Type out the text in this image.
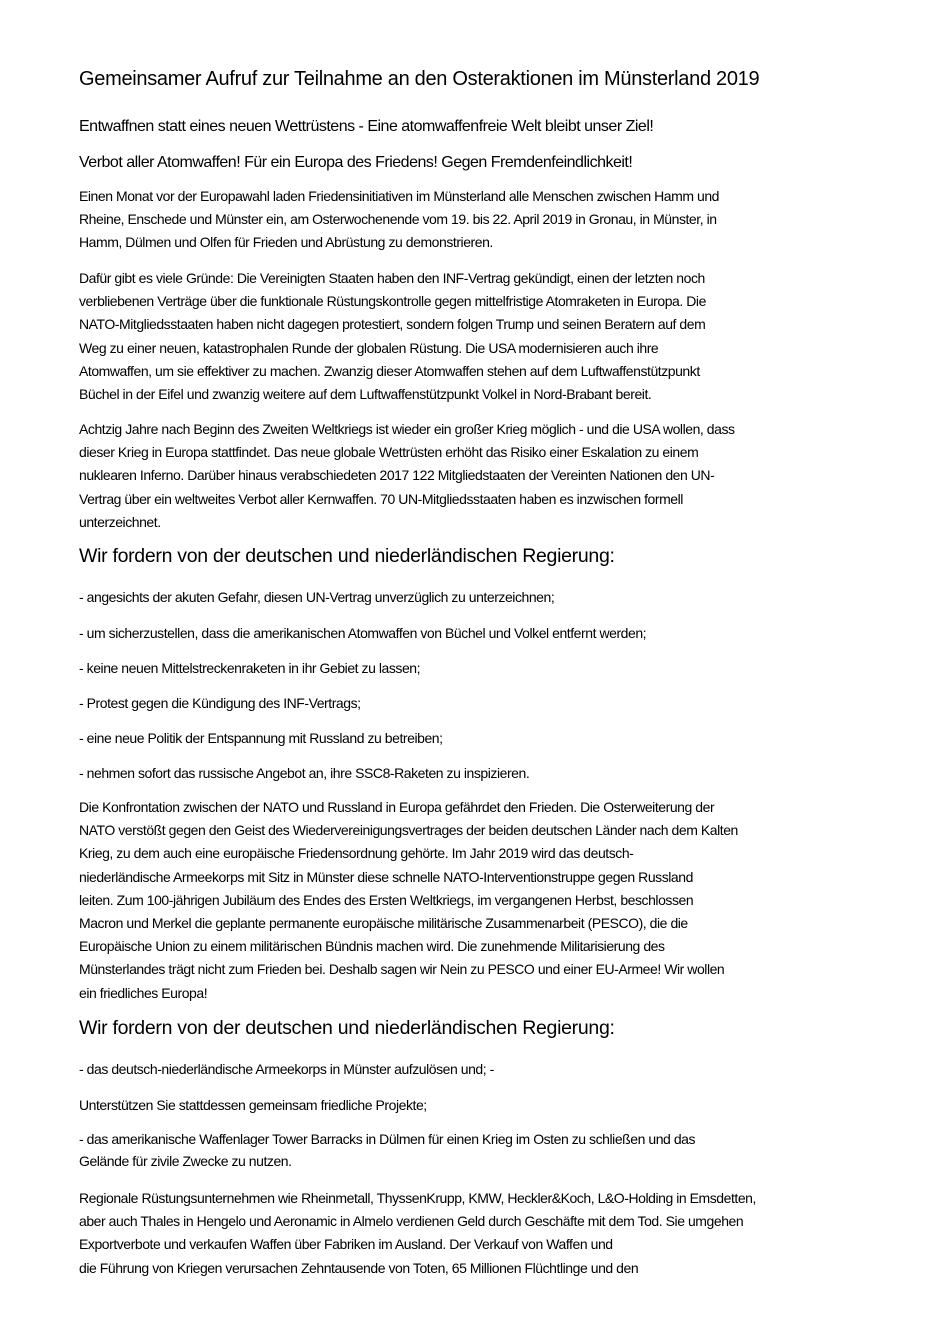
Gemeinsamer Aufruf zur Teilnahme an den Osteraktionen im Münsterland 2019
Entwaffnen statt eines neuen Wettrüstens - Eine atomwaffenfreie Welt bleibt unser Ziel!
Verbot aller Atomwaffen! Für ein Europa des Friedens! Gegen Fremdenfeindlichkeit!
Einen Monat vor der Europawahl laden Friedensinitiativen im Münsterland alle Menschen zwischen Hamm und
Rheine, Enschede und Münster ein, am Osterwochenende vom 19. bis 22. April 2019 in Gronau, in Münster, in
Hamm, Dülmen und Olfen für Frieden und Abrüstung zu demonstrieren.
Dafür gibt es viele Gründe: Die Vereinigten Staaten haben den INF-Vertrag gekündigt, einen der letzten noch
verbliebenen Verträge über die funktionale Rüstungskontrolle gegen mittelfristige Atomraketen in Europa. Die
NATO-Mitgliedsstaaten haben nicht dagegen protestiert, sondern folgen Trump und seinen Beratern auf dem
Weg zu einer neuen, katastrophalen Runde der globalen Rüstung. Die USA modernisieren auch ihre
Atomwaffen, um sie effektiver zu machen. Zwanzig dieser Atomwaffen stehen auf dem Luftwaffenstützpunkt
Büchel in der Eifel und zwanzig weitere auf dem Luftwaffenstützpunkt Volkel in Nord-Brabant bereit.
Achtzig Jahre nach Beginn des Zweiten Weltkriegs ist wieder ein großer Krieg möglich - und die USA wollen, dass
dieser Krieg in Europa stattfindet. Das neue globale Wettrüsten erhöht das Risiko einer Eskalation zu einem
nuklearen Inferno. Darüber hinaus verabschiedeten 2017 122 Mitgliedstaaten der Vereinten Nationen den UN-
Vertrag über ein weltweites Verbot aller Kernwaffen. 70 UN-Mitgliedsstaaten haben es inzwischen formell
unterzeichnet.
Wir fordern von der deutschen und niederländischen Regierung:
- angesichts der akuten Gefahr, diesen UN-Vertrag unverzüglich zu unterzeichnen;
- um sicherzustellen, dass die amerikanischen Atomwaffen von Büchel und Volkel entfernt werden;
- keine neuen Mittelstreckenraketen in ihr Gebiet zu lassen;
- Protest gegen die Kündigung des INF-Vertrags;
- eine neue Politik der Entspannung mit Russland zu betreiben;
- nehmen sofort das russische Angebot an, ihre SSC8-Raketen zu inspizieren.
Die Konfrontation zwischen der NATO und Russland in Europa gefährdet den Frieden. Die Osterweiterung der
NATO verstößt gegen den Geist des Wiedervereinigungsvertrages der beiden deutschen Länder nach dem Kalten
Krieg, zu dem auch eine europäische Friedensordnung gehörte. Im Jahr 2019 wird das deutsch-
niederländische Armeekorps mit Sitz in Münster diese schnelle NATO-Interventionstruppe gegen Russland
leiten. Zum 100-jährigen Jubiläum des Endes des Ersten Weltkriegs, im vergangenen Herbst, beschlossen
Macron und Merkel die geplante permanente europäische militärische Zusammenarbeit (PESCO), die die
Europäische Union zu einem militärischen Bündnis machen wird. Die zunehmende Militarisierung des
Münsterlandes trägt nicht zum Frieden bei. Deshalb sagen wir Nein zu PESCO und einer EU-Armee! Wir wollen
ein friedliches Europa!
Wir fordern von der deutschen und niederländischen Regierung:
- das deutsch-niederländische Armeekorps in Münster aufzulösen und; -
Unterstützen Sie stattdessen gemeinsam friedliche Projekte;
- das amerikanische Waffenlager Tower Barracks in Dülmen für einen Krieg im Osten zu schließen und das
Gelände für zivile Zwecke zu nutzen.
Regionale Rüstungsunternehmen wie Rheinmetall, ThyssenKrupp, KMW, Heckler&Koch, L&O-Holding in Emsdetten,
aber auch Thales in Hengelo und Aeronamic in Almelo verdienen Geld durch Geschäfte mit dem Tod. Sie umgehen
Exportverbote und verkaufen Waffen über Fabriken im Ausland. Der Verkauf von Waffen und
die Führung von Kriegen verursachen Zehntausende von Toten, 65 Millionen Flüchtlinge und den
